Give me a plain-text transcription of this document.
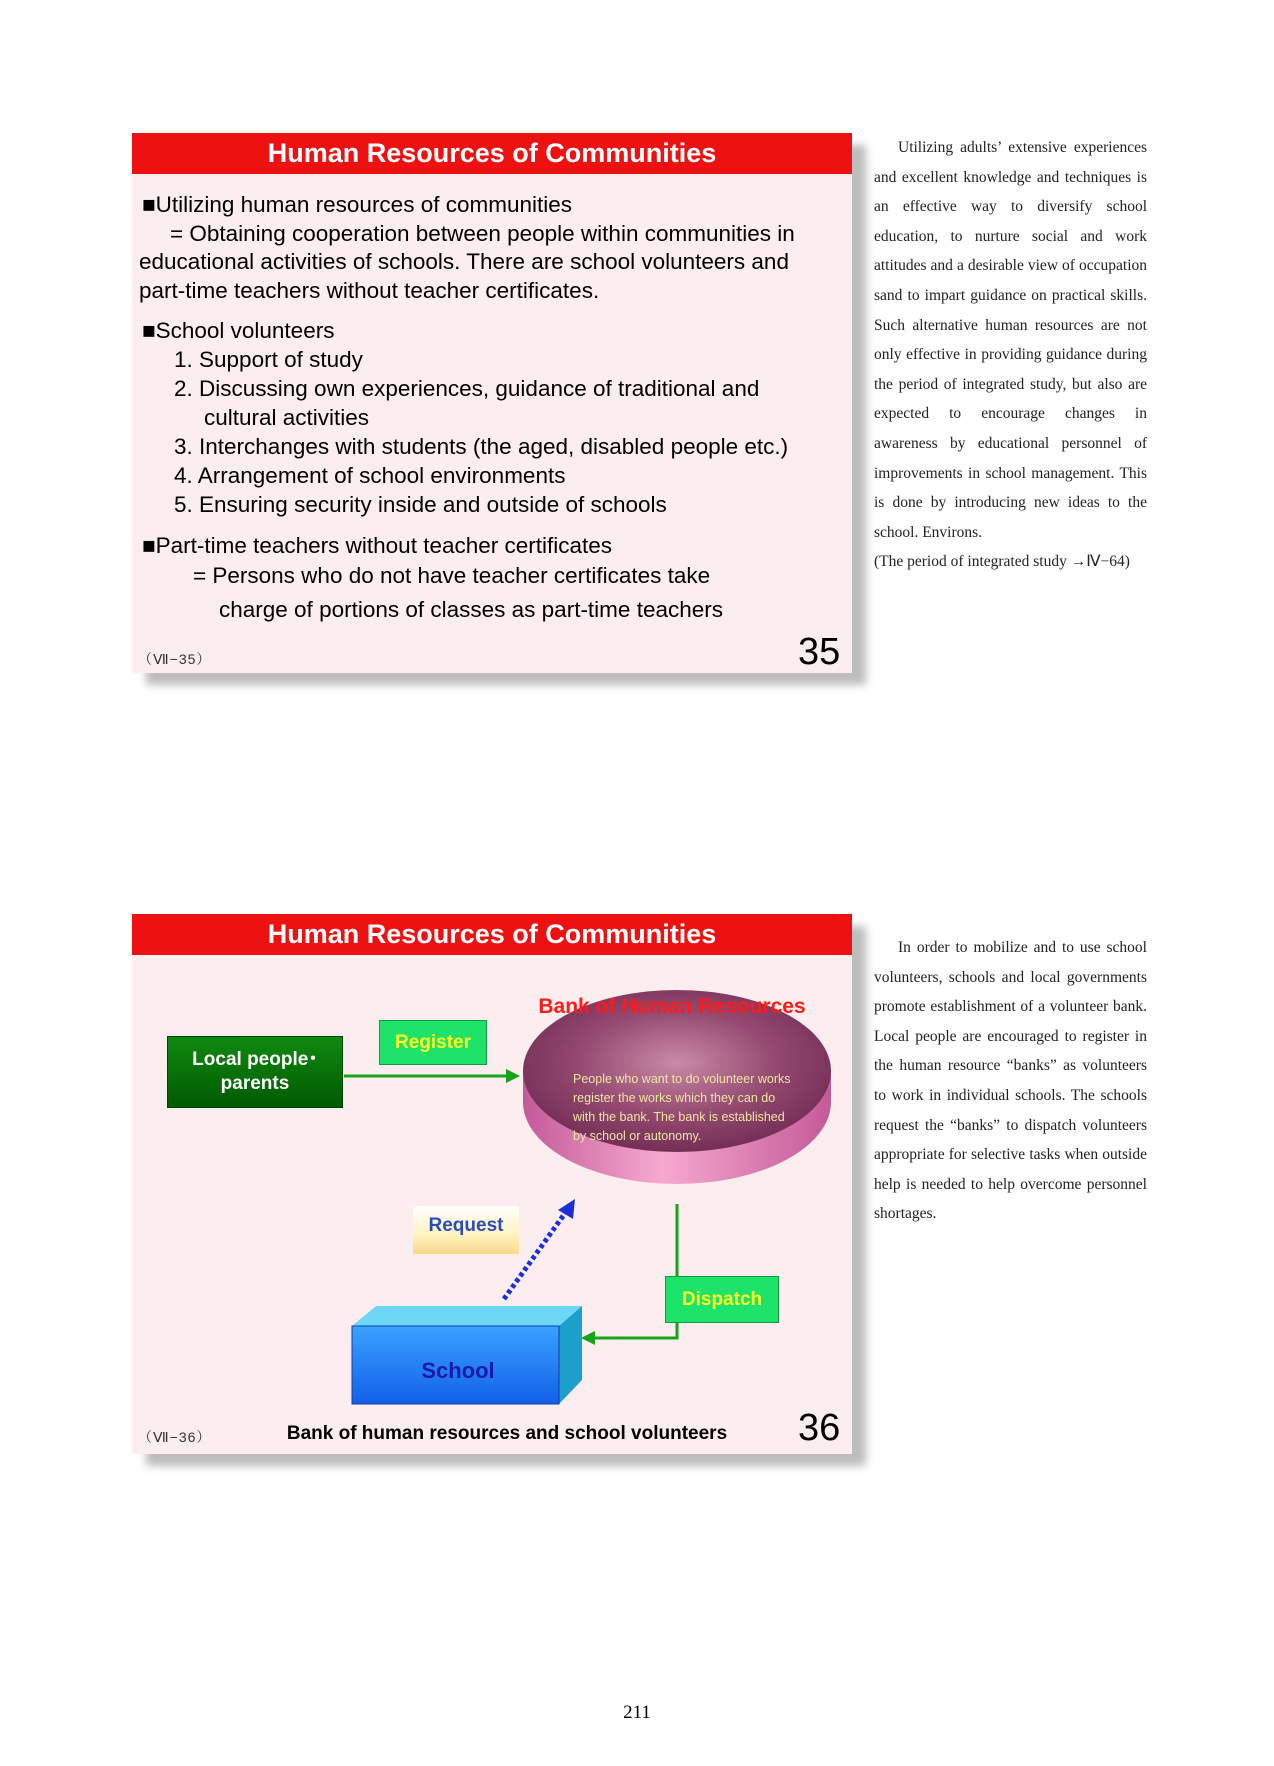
Human Resources of Communities
■Utilizing human resources of communities
= Obtaining cooperation between people within communities in
educational activities of schools. There are school volunteers and
part-time teachers without teacher certificates.
■School volunteers
1. Support of study
2. Discussing own experiences, guidance of traditional and
cultural activities
3. Interchanges with students (the aged, disabled people etc.)
4. Arrangement of school environments
5. Ensuring security inside and outside of schools
■Part-time teachers without teacher certificates
= Persons who do not have teacher certificates take
charge of portions of classes as part-time teachers
（Ⅶ−35）	35

Utilizing adults’ extensive experiences and excellent knowledge and techniques is an effective way to diversify school education, to nurture social and work attitudes and a desirable view of occupation sand to impart guidance on practical skills. Such alternative human resources are not only effective in providing guidance during the period of integrated study, but also are expected to encourage changes in awareness by educational personnel of improvements in school management. This is done by introducing new ideas to the school. Environs.

(The period of integrated study →Ⅳ−64)

Human Resources of Communities
Local people･parents
Register
Bank of Human Resources
People who want to do volunteer works register the works which they can do with the bank. The bank is established by school or autonomy.
Request
Dispatch
School
（Ⅶ−36）	Bank of human resources and school volunteers	36

In order to mobilize and to use school volunteers, schools and local governments promote establishment of a volunteer bank. Local people are encouraged to register in the human resource “banks” as volunteers to work in individual schools. The schools request the “banks” to dispatch volunteers appropriate for selective tasks when outside help is needed to help overcome personnel shortages.

211
